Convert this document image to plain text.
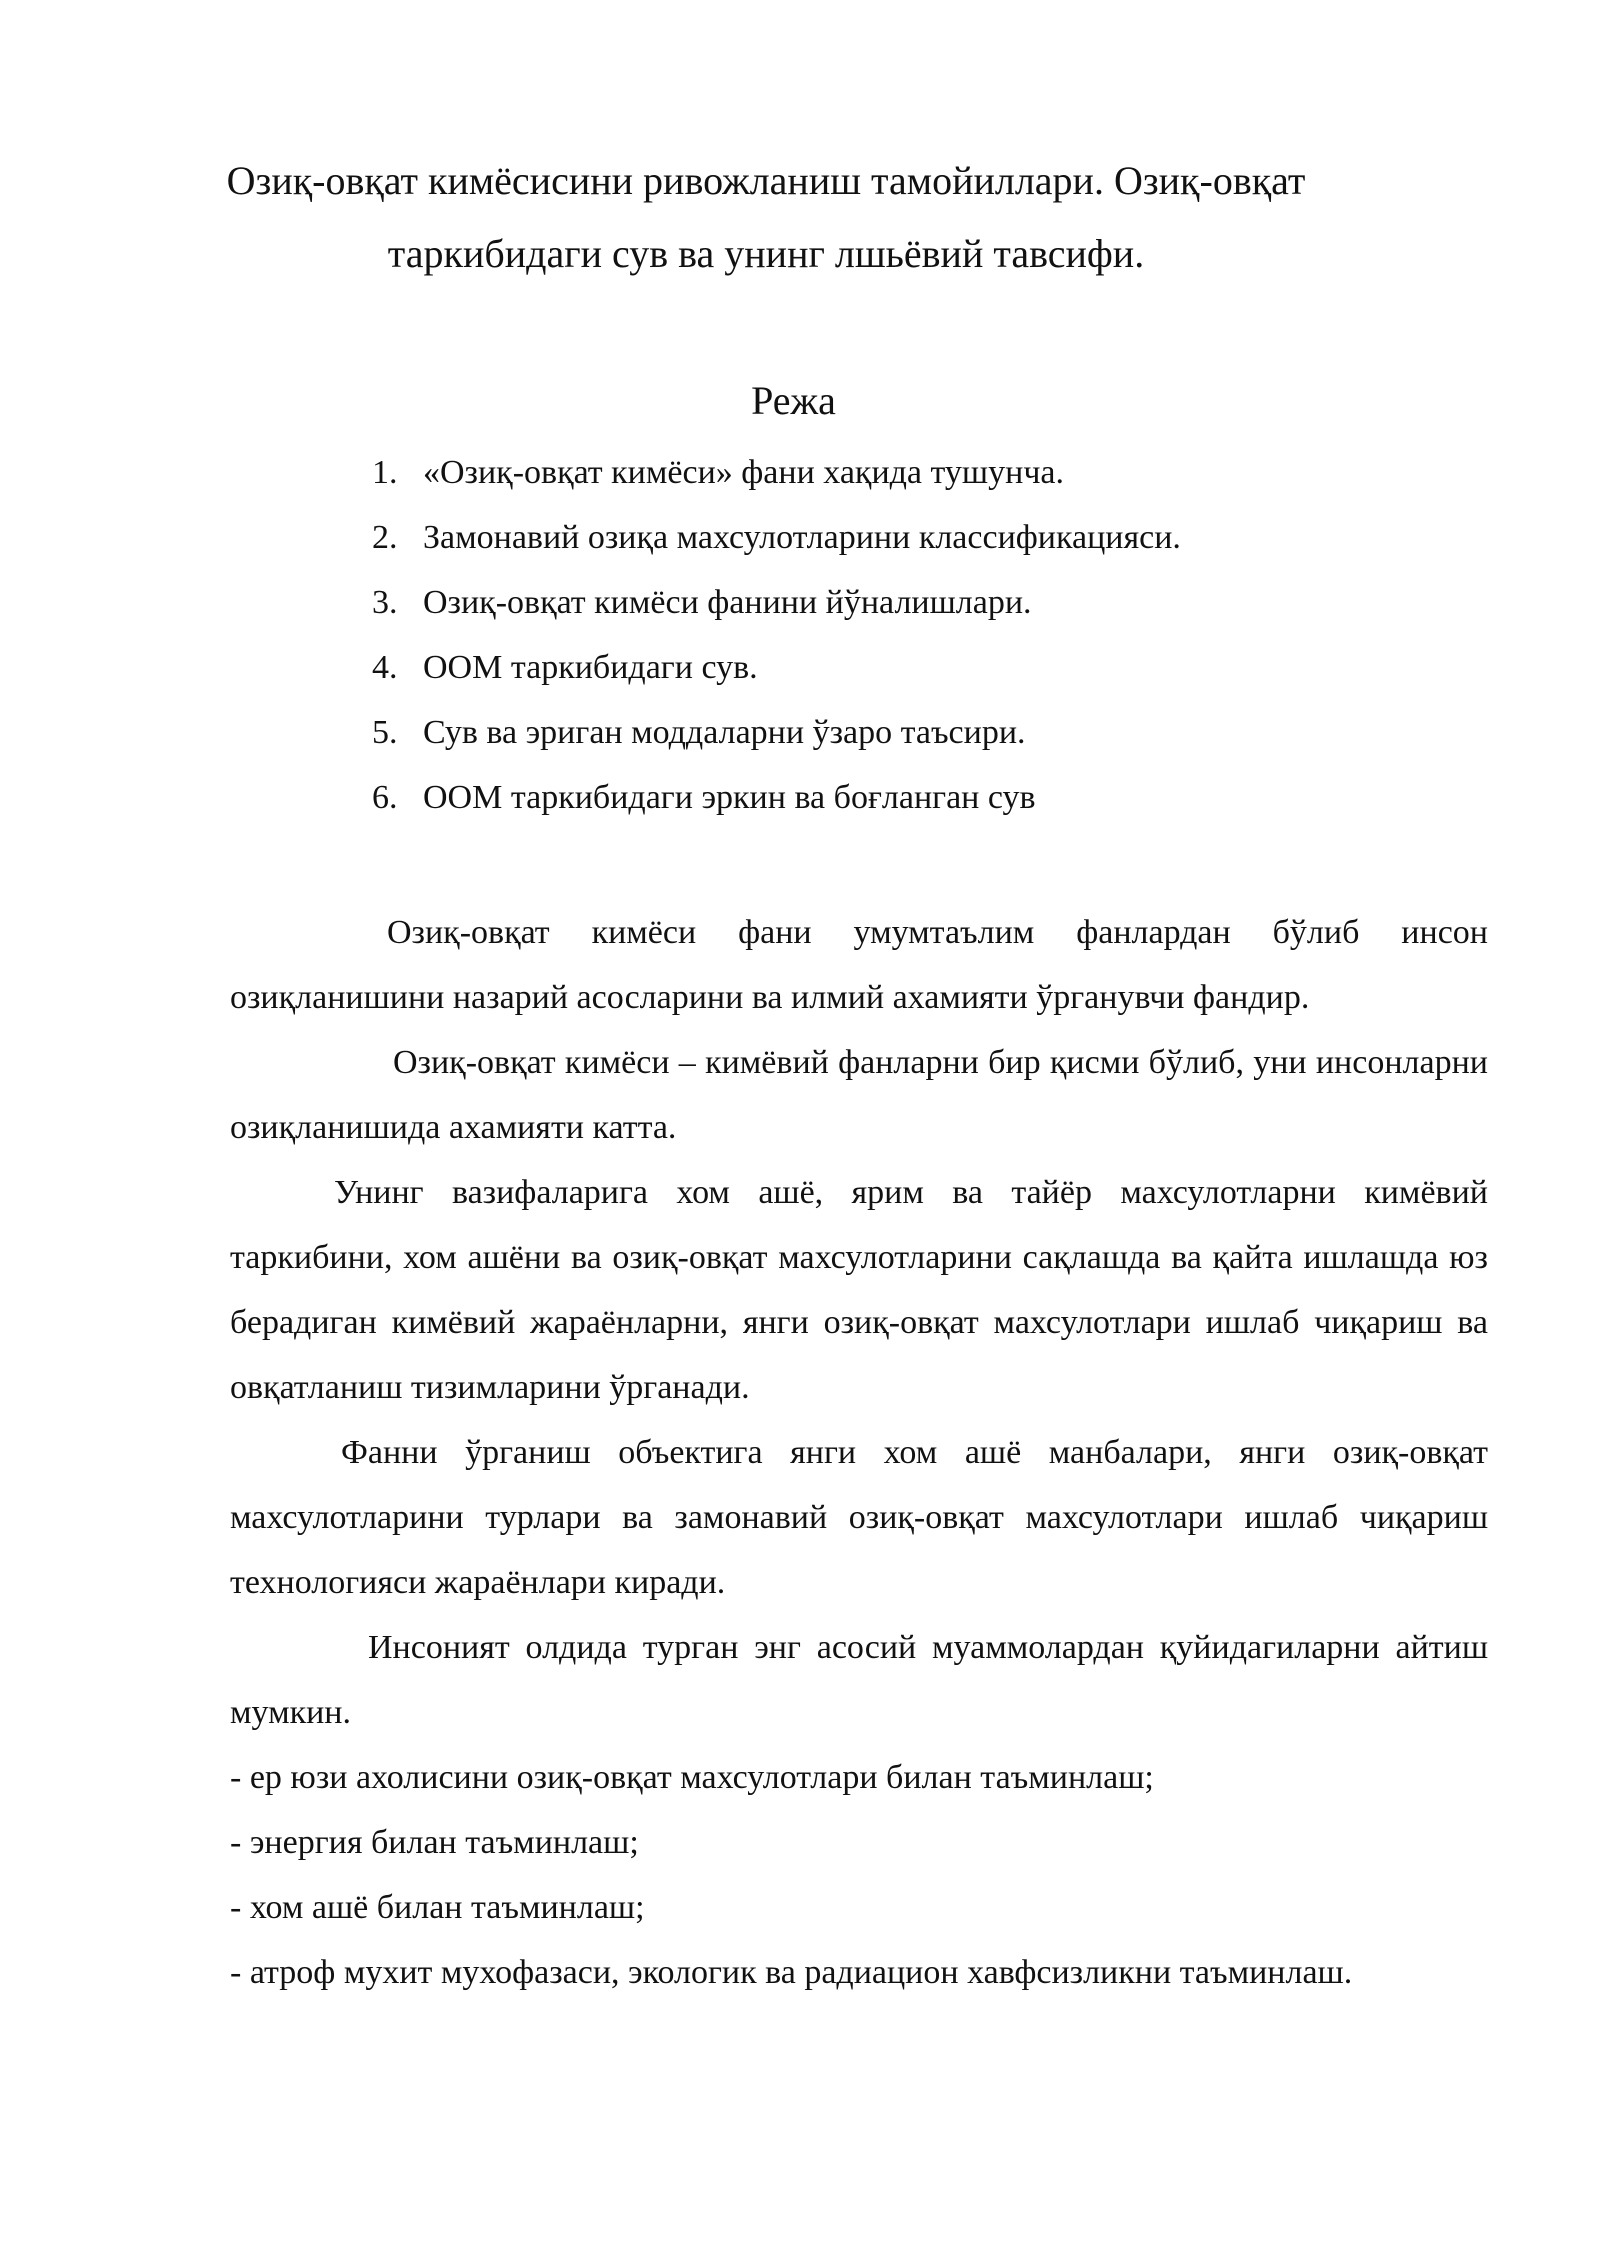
Озиқ-овқат кимёсисини ривожланиш тамойиллари. Озиқ-овқат
таркибидаги сув ва унинг лшьёвий тавсифи.
Режа
1. «Озиқ-овқат кимёси» фани хақида тушунча.
2. Замонавий озиқа махсулотларини классификацияси.
3. Озиқ-овқат кимёси фанини йўналишлари.
4. ООМ таркибидаги сув.
5. Сув ва эриган моддаларни ўзаро таъсири.
6. ООМ таркибидаги эркин ва боғланган сув

Озиқ-овқат кимёси фани умумтаълим фанлардан бўлиб инсон озиқланишини назарий асосларини ва илмий ахамияти ўрганувчи фандир.

Озиқ-овқат кимёси – кимёвий фанларни бир қисми бўлиб, уни инсонларни озиқланишида ахамияти катта.

Унинг вазифаларига хом ашё, ярим ва тайёр махсулотларни кимёвий таркибини, хом ашёни ва озиқ-овқат махсулотларини сақлашда ва қайта ишлашда юз берадиган кимёвий жараёнларни, янги озиқ-овқат махсулотлари ишлаб чиқариш ва овқатланиш тизимларини ўрганади.

Фанни ўрганиш объектига янги хом ашё манбалари, янги озиқ-овқат махсулотларини турлари ва замонавий озиқ-овқат махсулотлари ишлаб чиқариш технологияси жараёнлари киради.

Инсоният олдида турган энг асосий муаммолардан қуйидагиларни айтиш мумкин.

- ер юзи ахолисини озиқ-овқат махсулотлари билан таъминлаш;

- энергия билан таъминлаш;

- хом ашё билан таъминлаш;

- атроф мухит мухофазаси, экологик ва радиацион хавфсизликни таъминлаш.
